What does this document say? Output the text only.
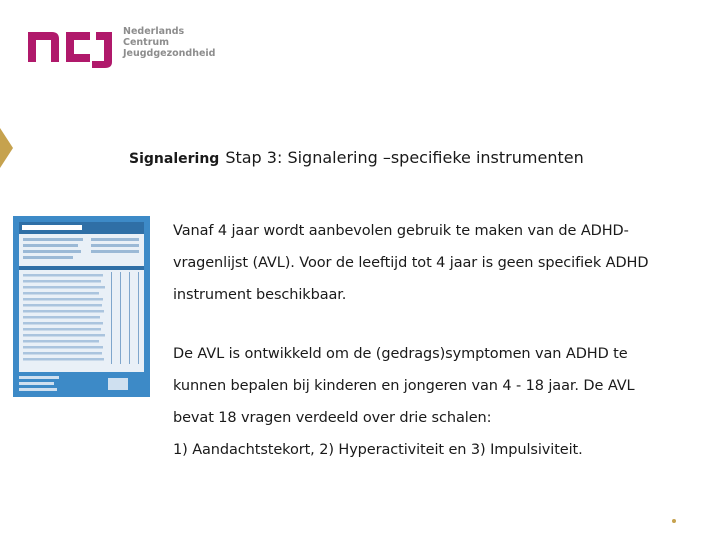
Nederlands
Centrum
Jeugdgezondheid
Signalering Stap 3: Signalering –specifieke instrumenten
Vanaf 4 jaar wordt aanbevolen gebruik te maken van de ADHD-
vragenlijst (AVL). Voor de leeftijd tot 4 jaar is geen specifiek ADHD
instrument beschikbaar.
De AVL is ontwikkeld om de (gedrags)symptomen van ADHD te
kunnen bepalen bij kinderen en jongeren van 4 - 18 jaar. De AVL
bevat 18 vragen verdeeld over drie schalen:
1) Aandachtstekort, 2) Hyperactiviteit en 3) Impulsiviteit.
